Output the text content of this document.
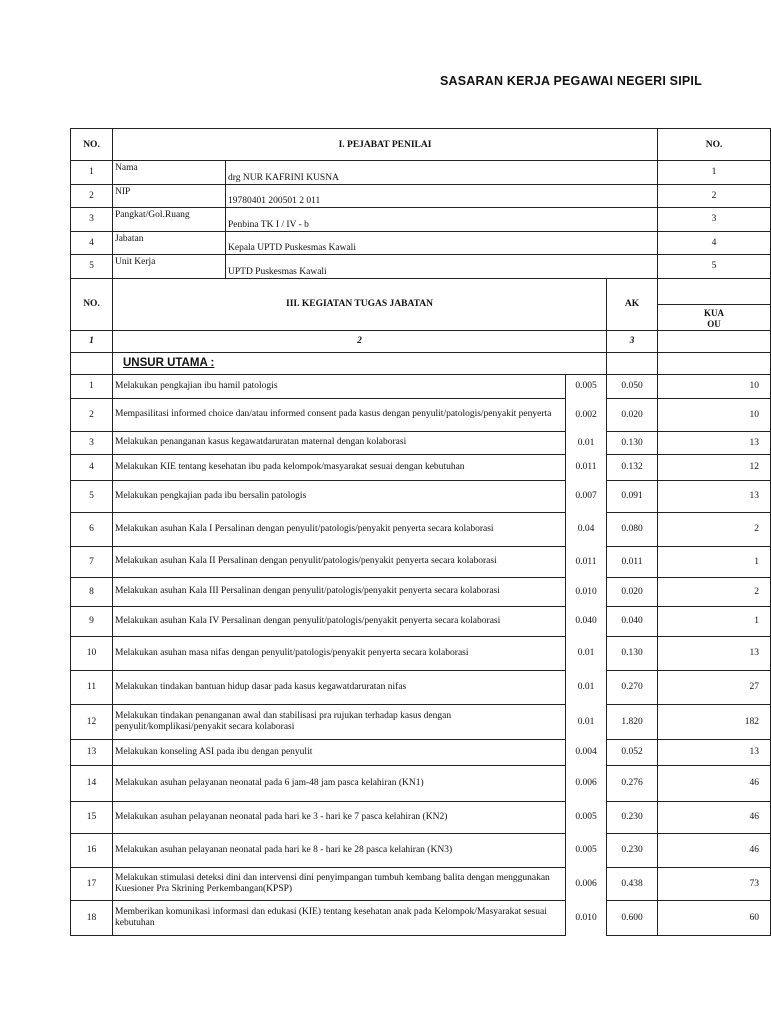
SASARAN KERJA PEGAWAI NEGERI SIPIL
NO.	I. PEJABAT PENILAI				NO.	
1	Nama	drg NUR KAFRINI KUSNA			1	
2	NIP	19780401 200501 2 011			2	
3	Pangkat/Gol.Ruang	Penbina TK I / IV - b			3	
4	Jabatan	Kepala UPTD Puskesmas Kawali			4	
5	Unit Kerja	UPTD Puskesmas Kawali			5	
NO.	III. KEGIATAN TUGAS JABATAN			AK		

					KUA
OU	

1	2			3		
	UNSUR UTAMA :					
1	Melakukan pengkajian ibu hamil patologis		0.005	0.050	10	
2	Mempasilitasi informed choice dan/atau informed consent pada kasus dengan penyulit/patologis/penyakit penyerta		0.002	0.020	10	
3	Melakukan penanganan kasus kegawatdaruratan maternal dengan kolaborasi		0.01	0.130	13	
4	Melakukan KIE tentang kesehatan ibu pada kelompok/masyarakat sesuai dengan kebutuhan		0.011	0.132	12	
5	Melakukan pengkajian pada ibu bersalin patologis		0.007	0.091	13	
6	Melakukan asuhan Kala I Persalinan dengan penyulit/patologis/penyakit penyerta secara kolaborasi		0.04	0.080	2	
7	Melakukan asuhan Kala II Persalinan dengan penyulit/patologis/penyakit penyerta secara kolaborasi		0.011	0.011	1	
8	Melakukan asuhan Kala III Persalinan dengan penyulit/patologis/penyakit penyerta secara kolaborasi		0.010	0.020	2	
9	Melakukan asuhan Kala IV Persalinan dengan penyulit/patologis/penyakit penyerta secara kolaborasi		0.040	0.040	1	
10	Melakukan asuhan masa nifas dengan penyulit/patologis/penyakit penyerta secara kolaborasi		0.01	0.130	13	
11	Melakukan tindakan bantuan hidup dasar pada kasus kegawatdaruratan nifas		0.01	0.270	27	
12	Melakukan tindakan penanganan awal dan stabilisasi pra rujukan terhadap kasus dengan penyulit/komplikasi/penyakit secara kolaborasi		0.01	1.820	182	
13	Melakukan konseling ASI pada ibu dengan penyulit		0.004	0.052	13	
14	Melakukan asuhan pelayanan neonatal pada 6 jam-48 jam pasca kelahiran (KN1)		0.006	0.276	46	
15	Melakukan asuhan pelayanan neonatal pada hari ke 3 - hari ke 7 pasca kelahiran (KN2)		0.005	0.230	46	
16	Melakukan asuhan pelayanan neonatal pada hari ke 8 - hari ke 28 pasca kelahiran (KN3)		0.005	0.230	46	
17	Melakukan stimulasi deteksi dini dan intervensi dini penyimpangan tumbuh kembang balita dengan menggunakan Kuesioner Pra Skrining Perkembangan(KPSP)		0.006	0.438	73	
18	Memberikan komunikasi informasi dan edukasi (KIE) tentang kesehatan anak pada Kelompok/Masyarakat sesuai kebutuhan		0.010	0.600	60	
